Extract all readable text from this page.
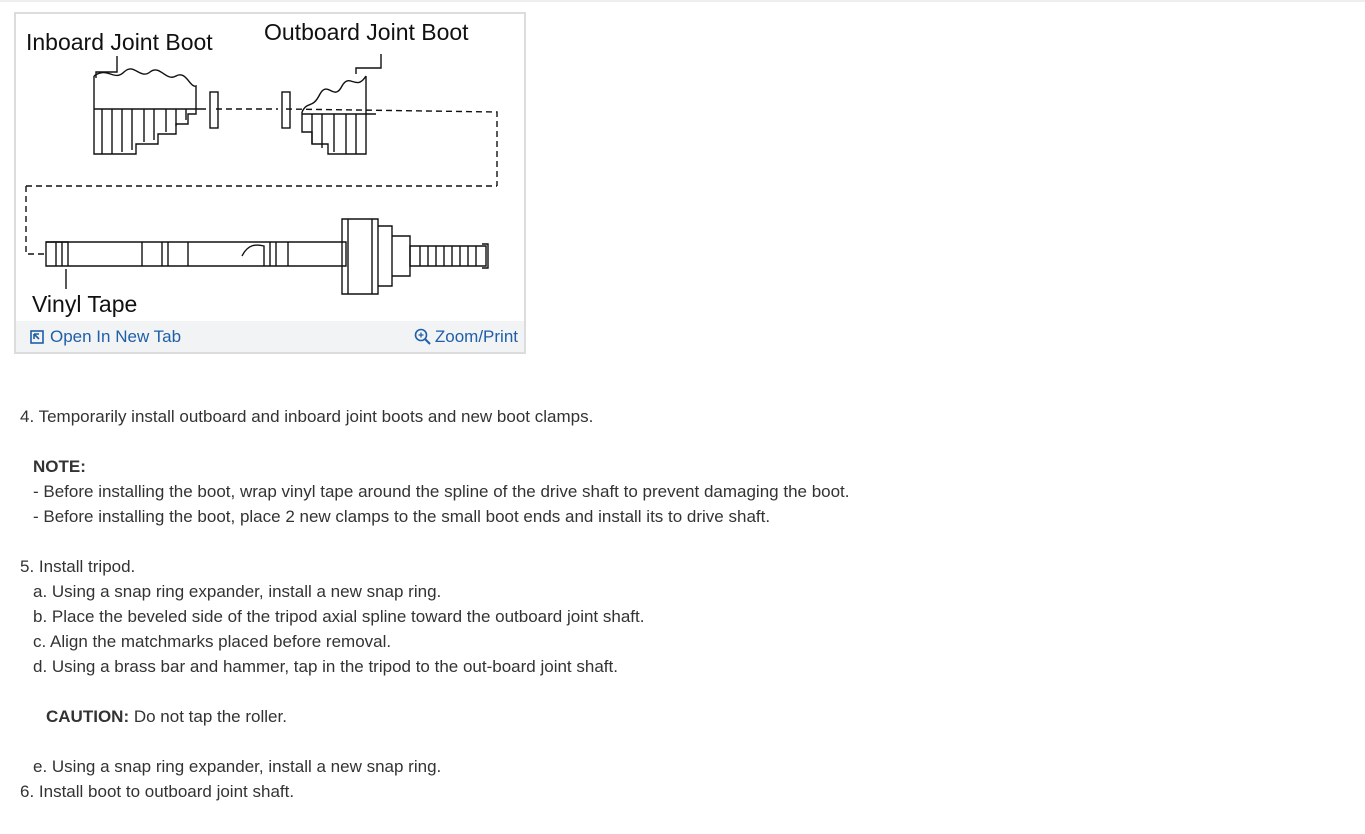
Inboard Joint Boot Outboard Joint Boot
Vinyl Tape
Open In New Tab	Zoom/Print
4. Temporarily install outboard and inboard joint boots and new boot clamps.
NOTE:
- Before installing the boot, wrap vinyl tape around the spline of the drive shaft to prevent damaging the boot.
- Before installing the boot, place 2 new clamps to the small boot ends and install its to drive shaft.
5. Install tripod.
a. Using a snap ring expander, install a new snap ring.
b. Place the beveled side of the tripod axial spline toward the outboard joint shaft.
c. Align the matchmarks placed before removal.
d. Using a brass bar and hammer, tap in the tripod to the out-board joint shaft.
CAUTION: Do not tap the roller.
e. Using a snap ring expander, install a new snap ring.
6. Install boot to outboard joint shaft.
